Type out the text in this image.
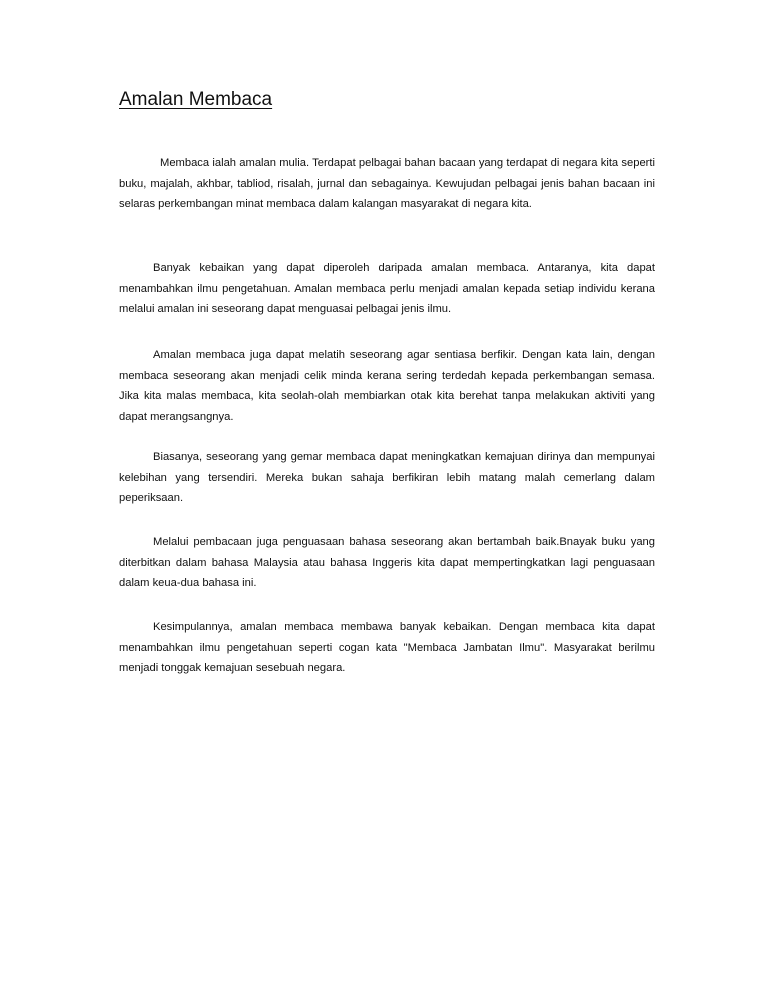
Amalan Membaca

Membaca ialah amalan mulia. Terdapat pelbagai bahan bacaan yang terdapat di negara kita seperti buku, majalah, akhbar, tabliod, risalah, jurnal dan sebagainya. Kewujudan pelbagai jenis bahan bacaan ini selaras perkembangan minat membaca dalam kalangan masyarakat di negara kita.

Banyak kebaikan yang dapat diperoleh daripada amalan membaca. Antaranya, kita dapat menambahkan ilmu pengetahuan. Amalan membaca perlu menjadi amalan kepada setiap individu kerana melalui amalan ini seseorang dapat menguasai pelbagai jenis ilmu.

Amalan membaca juga dapat melatih seseorang agar sentiasa berfikir. Dengan kata lain, dengan membaca seseorang akan menjadi celik minda kerana sering terdedah kepada perkembangan semasa. Jika kita malas membaca, kita seolah-olah membiarkan otak kita berehat tanpa melakukan aktiviti yang dapat merangsangnya.

Biasanya, seseorang yang gemar membaca dapat meningkatkan kemajuan dirinya dan mempunyai kelebihan yang tersendiri. Mereka bukan sahaja berfikiran lebih matang malah cemerlang dalam peperiksaan.

Melalui pembacaan juga penguasaan bahasa seseorang akan bertambah baik.Bnayak buku yang diterbitkan dalam bahasa Malaysia atau bahasa Inggeris kita dapat mempertingkatkan lagi penguasaan dalam keua-dua bahasa ini.

Kesimpulannya, amalan membaca membawa banyak kebaikan. Dengan membaca kita dapat menambahkan ilmu pengetahuan seperti cogan kata "Membaca Jambatan Ilmu". Masyarakat berilmu menjadi tonggak kemajuan sesebuah negara.
